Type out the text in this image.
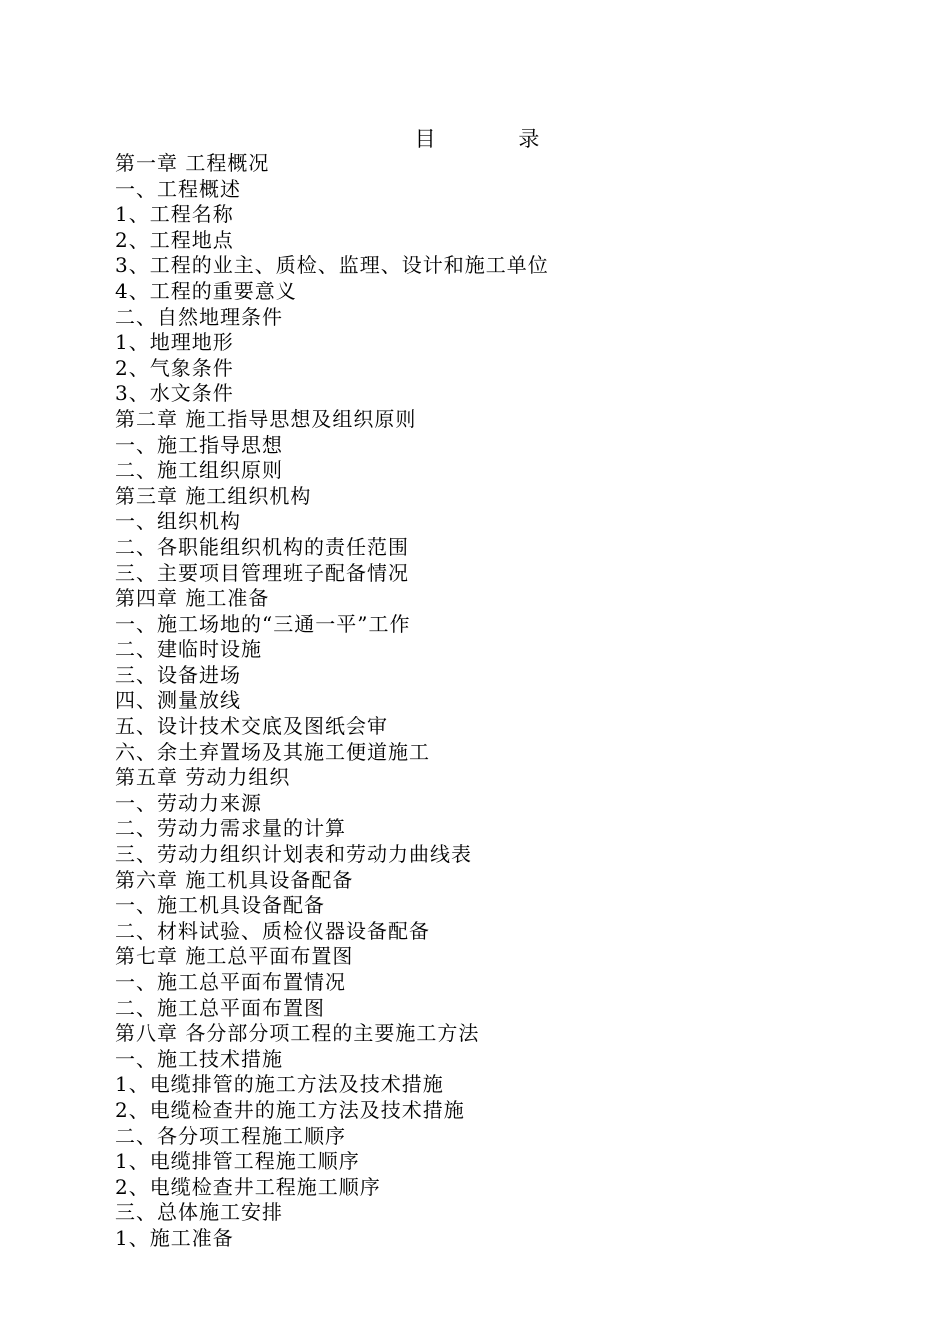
目 录
第一章 工程概况
一、工程概述
1、工程名称
2、工程地点
3、工程的业主、质检、监理、设计和施工单位
4、工程的重要意义
二、自然地理条件
1、地理地形
2、气象条件
3、水文条件
第二章 施工指导思想及组织原则
一、施工指导思想
二、施工组织原则
第三章 施工组织机构
一、组织机构
二、各职能组织机构的责任范围
三、主要项目管理班子配备情况
第四章 施工准备
一、施工场地的“三通一平”工作
二、建临时设施
三、设备进场
四、测量放线
五、设计技术交底及图纸会审
六、余土弃置场及其施工便道施工
第五章 劳动力组织
一、劳动力来源
二、劳动力需求量的计算
三、劳动力组织计划表和劳动力曲线表
第六章 施工机具设备配备
一、施工机具设备配备
二、材料试验、质检仪器设备配备
第七章 施工总平面布置图
一、施工总平面布置情况
二、施工总平面布置图
第八章 各分部分项工程的主要施工方法
一、施工技术措施
1、电缆排管的施工方法及技术措施
2、电缆检查井的施工方法及技术措施
二、各分项工程施工顺序
1、电缆排管工程施工顺序
2、电缆检查井工程施工顺序
三、总体施工安排
1、施工准备
